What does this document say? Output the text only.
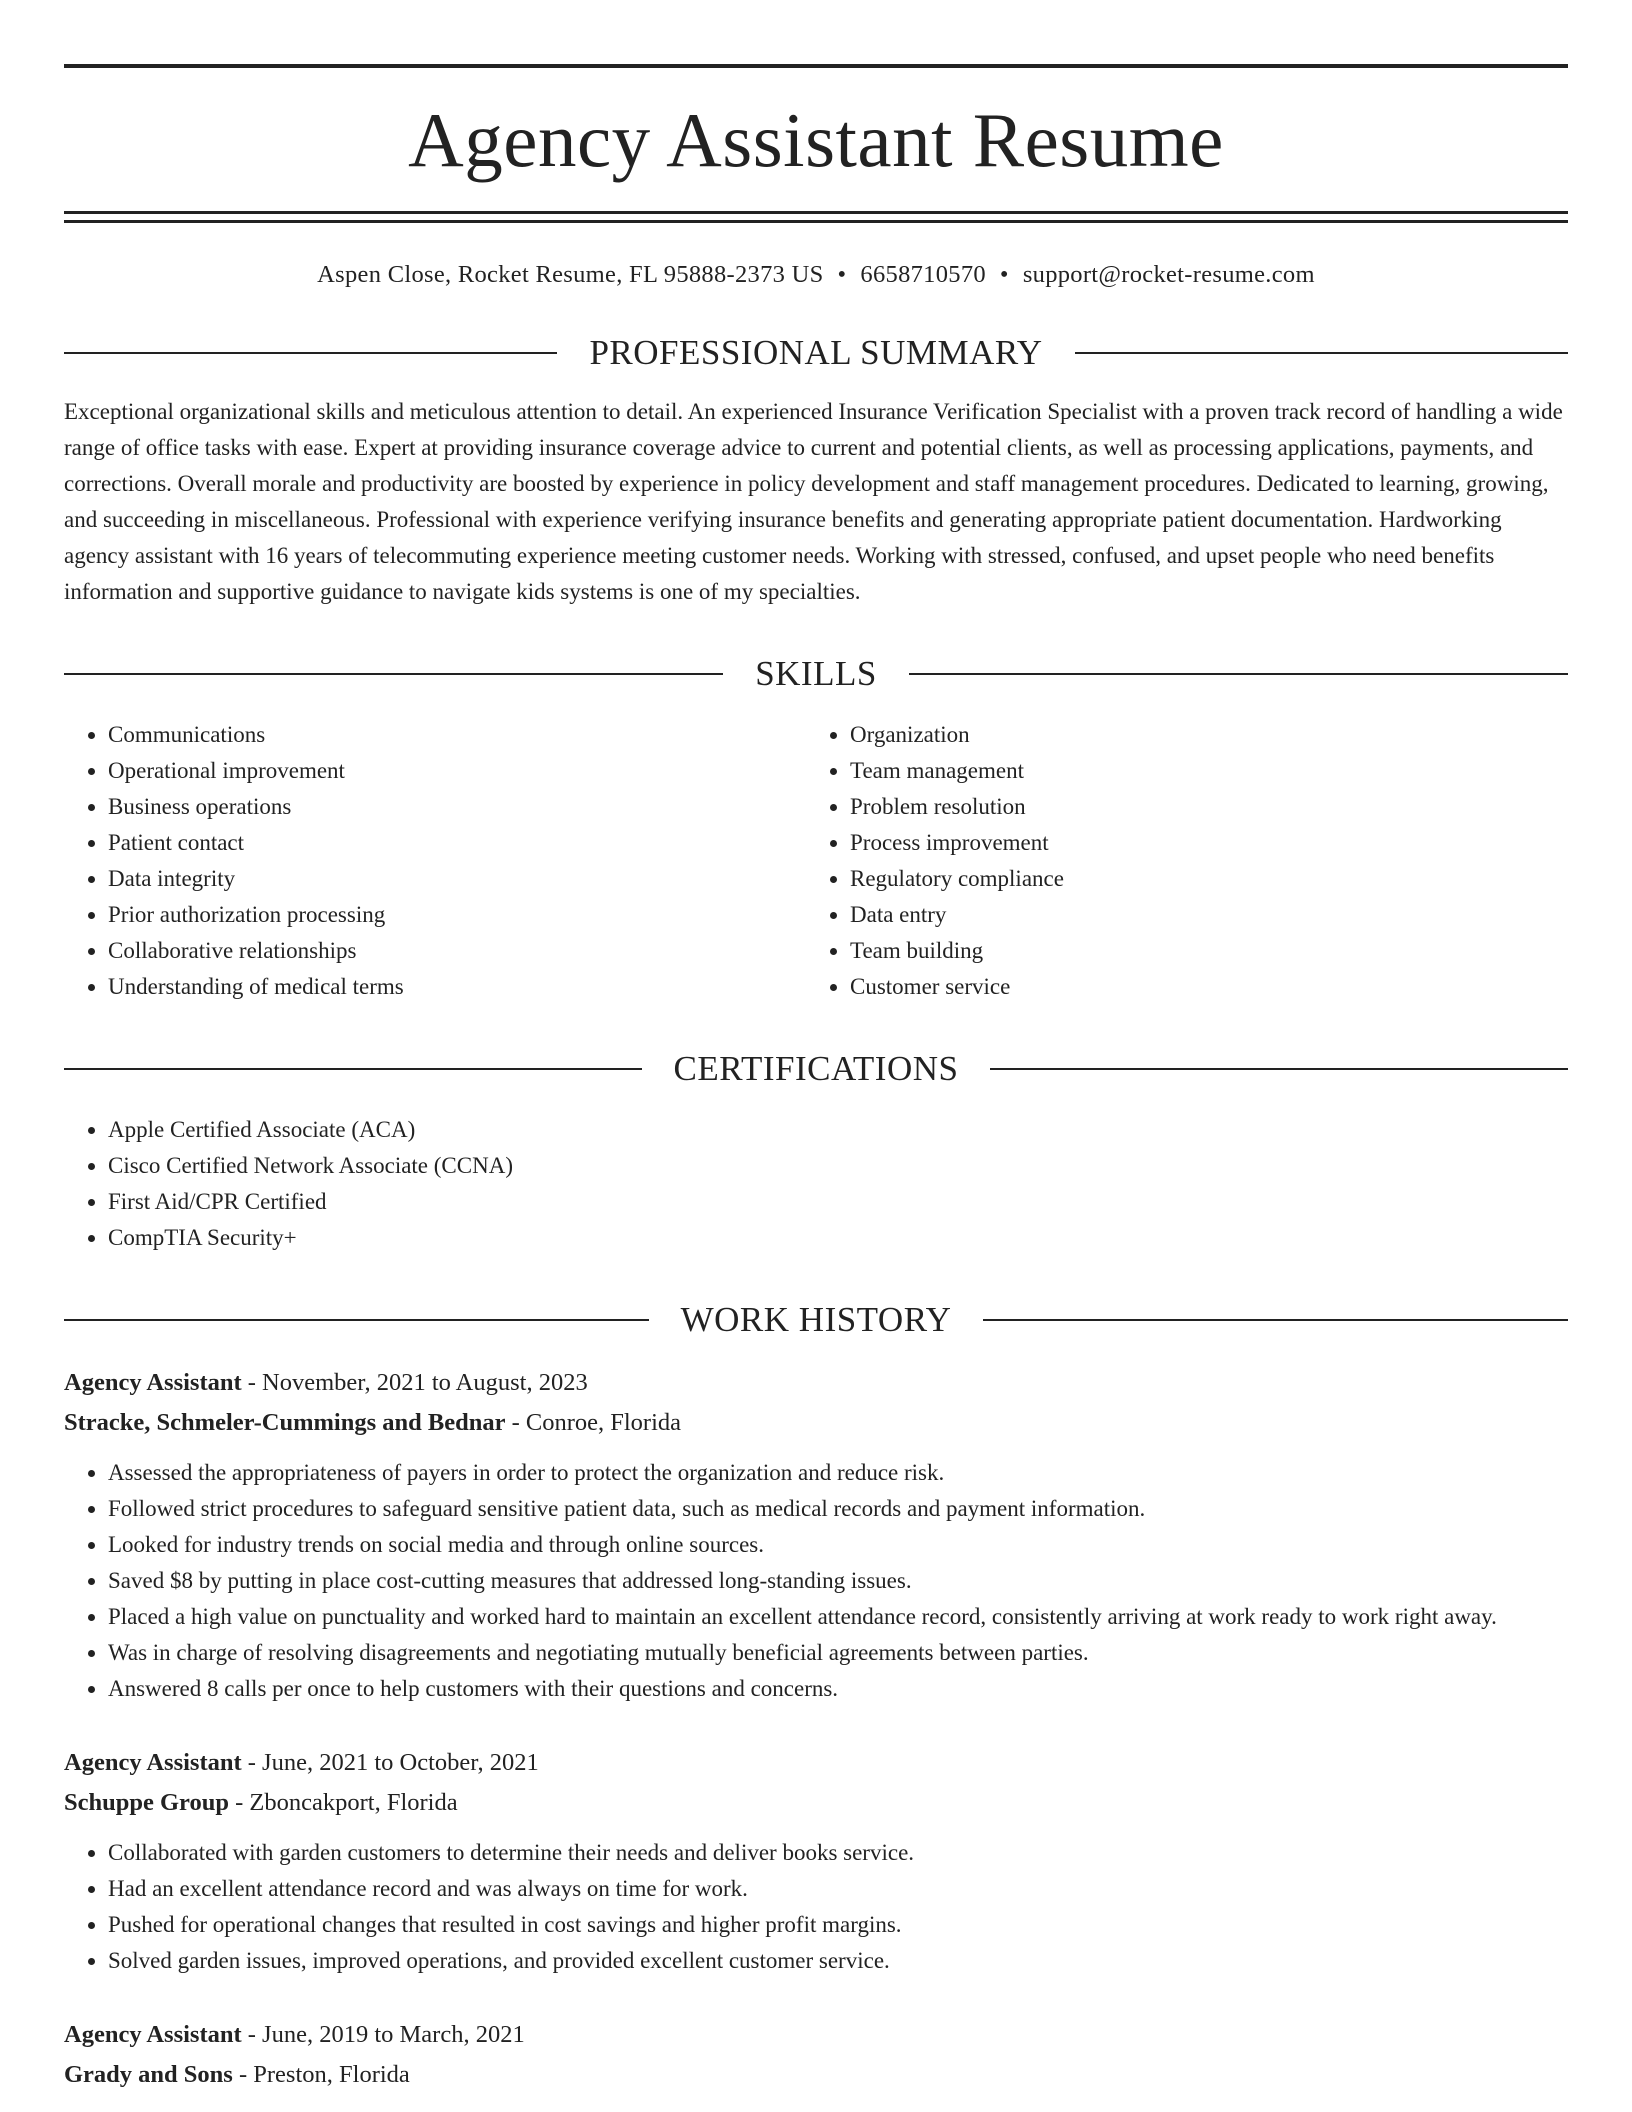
Agency Assistant Resume
Aspen Close, Rocket Resume, FL 95888-2373 US • 6658710570 • support@rocket-resume.com
PROFESSIONAL SUMMARY
Exceptional organizational skills and meticulous attention to detail. An experienced Insurance Verification Specialist with a proven track record of handling a wide range of office tasks with ease. Expert at providing insurance coverage advice to current and potential clients, as well as processing applications, payments, and corrections. Overall morale and productivity are boosted by experience in policy development and staff management procedures. Dedicated to learning, growing, and succeeding in miscellaneous. Professional with experience verifying insurance benefits and generating appropriate patient documentation. Hardworking agency assistant with 16 years of telecommuting experience meeting customer needs. Working with stressed, confused, and upset people who need benefits information and supportive guidance to navigate kids systems is one of my specialties.
SKILLS
• Communications
• Operational improvement
• Business operations
• Patient contact
• Data integrity
• Prior authorization processing
• Collaborative relationships
• Understanding of medical terms
• Organization
• Team management
• Problem resolution
• Process improvement
• Regulatory compliance
• Data entry
• Team building
• Customer service
CERTIFICATIONS
• Apple Certified Associate (ACA)
• Cisco Certified Network Associate (CCNA)
• First Aid/CPR Certified
• CompTIA Security+
WORK HISTORY
Agency Assistant - November, 2021 to August, 2023
Stracke, Schmeler-Cummings and Bednar - Conroe, Florida
• Assessed the appropriateness of payers in order to protect the organization and reduce risk.
• Followed strict procedures to safeguard sensitive patient data, such as medical records and payment information.
• Looked for industry trends on social media and through online sources.
• Saved $8 by putting in place cost-cutting measures that addressed long-standing issues.
• Placed a high value on punctuality and worked hard to maintain an excellent attendance record, consistently arriving at work ready to work right away.
• Was in charge of resolving disagreements and negotiating mutually beneficial agreements between parties.
• Answered 8 calls per once to help customers with their questions and concerns.
Agency Assistant - June, 2021 to October, 2021
Schuppe Group - Zboncakport, Florida
• Collaborated with garden customers to determine their needs and deliver books service.
• Had an excellent attendance record and was always on time for work.
• Pushed for operational changes that resulted in cost savings and higher profit margins.
• Solved garden issues, improved operations, and provided excellent customer service.
Agency Assistant - June, 2019 to March, 2021
Grady and Sons - Preston, Florida
